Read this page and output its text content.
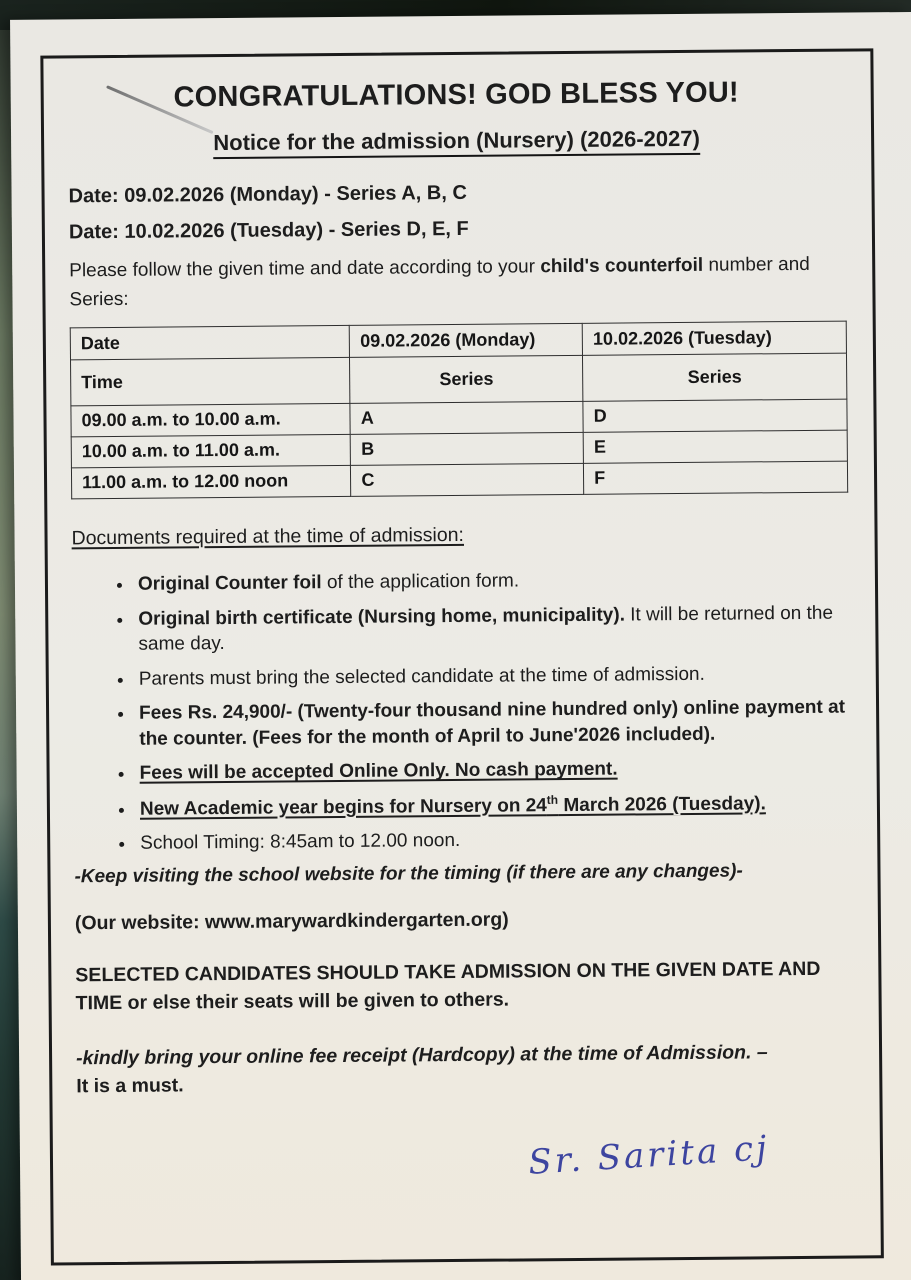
CONGRATULATIONS! GOD BLESS YOU!
Notice for the admission (Nursery) (2026-2027)

Date: 09.02.2026 (Monday) - Series A, B, C

Date: 10.02.2026 (Tuesday) - Series D, E, F

Please follow the given time and date according to your child's counterfoil number and Series:

Date	09.02.2026 (Monday)	10.02.2026 (Tuesday)
Time	Series	Series
09.00 a.m. to 10.00 a.m.	A	D
10.00 a.m. to 11.00 a.m.	B	E
11.00 a.m. to 12.00 noon	C	F

Documents required at the time of admission:

• Original Counter foil of the application form.
• Original birth certificate (Nursing home, municipality). It will be returned on the same day.
• Parents must bring the selected candidate at the time of admission.
• Fees Rs. 24,900/- (Twenty-four thousand nine hundred only) online payment at the counter. (Fees for the month of April to June'2026 included).
• Fees will be accepted Online Only. No cash payment.
• New Academic year begins for Nursery on 24th March 2026 (Tuesday).
• School Timing: 8:45am to 12.00 noon.

-Keep visiting the school website for the timing (if there are any changes)-

(Our website: www.marywardkindergarten.org)

SELECTED CANDIDATES SHOULD TAKE ADMISSION ON THE GIVEN DATE AND TIME or else their seats will be given to others.

-kindly bring your online fee receipt (Hardcopy) at the time of Admission. –
It is a must.

Sr. Sarita cj
